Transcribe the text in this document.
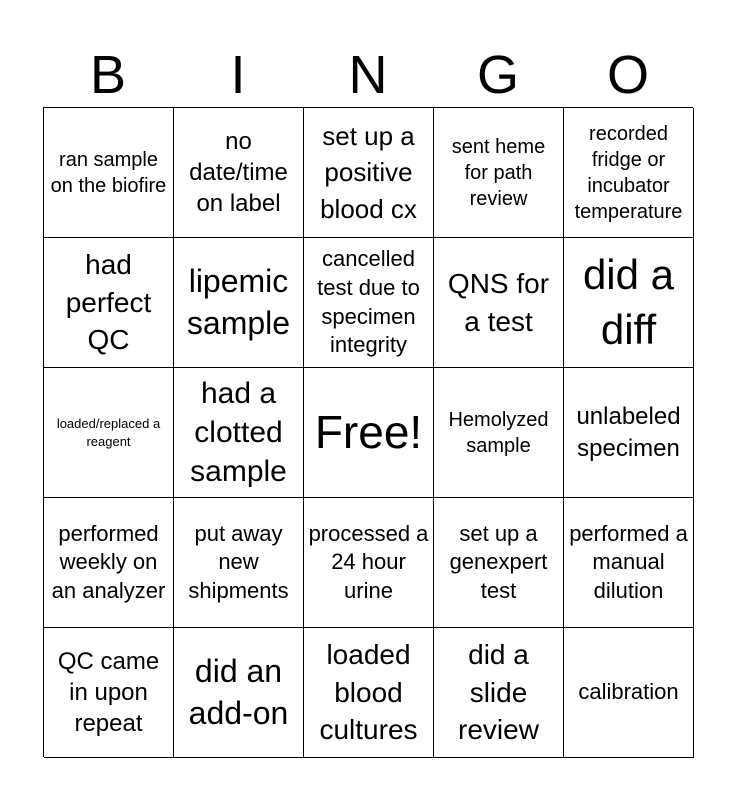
B	I	N	G	O
ran sample on the biofire
no date/time on label
set up a positive blood cx
sent heme for path review
recorded fridge or incubator temperature
had perfect QC
lipemic sample
cancelled test due to specimen integrity
QNS for a test
did a diff
loaded/replaced a reagent
had a clotted sample
Free!	Hemolyzed sample
unlabeled specimen
performed weekly on an analyzer
put away new shipments
processed a 24 hour urine
set up a genexpert test
performed a manual dilution
QC came in upon repeat
did an add-on
loaded blood cultures
did a slide review
calibration
